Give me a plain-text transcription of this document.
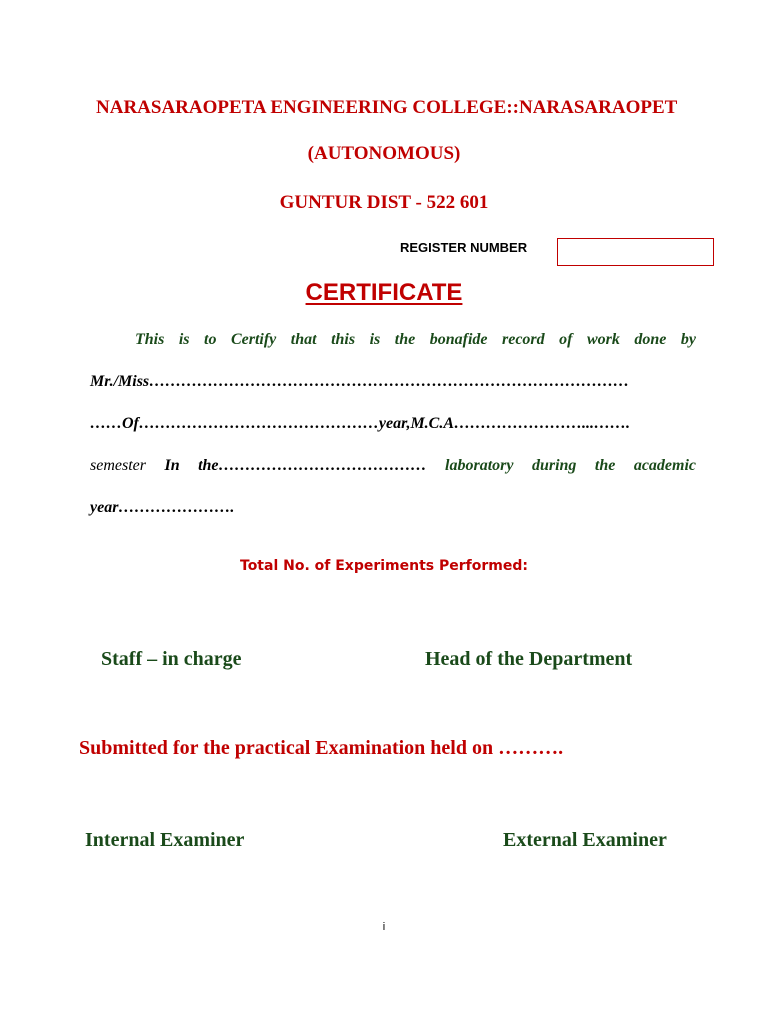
NARASARAOPETA ENGINEERING COLLEGE::NARASARAOPET
(AUTONOMOUS)
GUNTUR DIST - 522 601
REGISTER NUMBER
CERTIFICATE
This is to Certify that this is the bonafide record of work done by
Mr./Miss………………………………………………………………………………
……Of………………………………………year,M.C.A……………………...…….
semester In the………………………………… laboratory during the academic
year………………….
Total No. of Experiments Performed:
Staff – in charge	Head of the Department
Submitted for the practical Examination held on ……….
Internal Examiner	External Examiner
i
